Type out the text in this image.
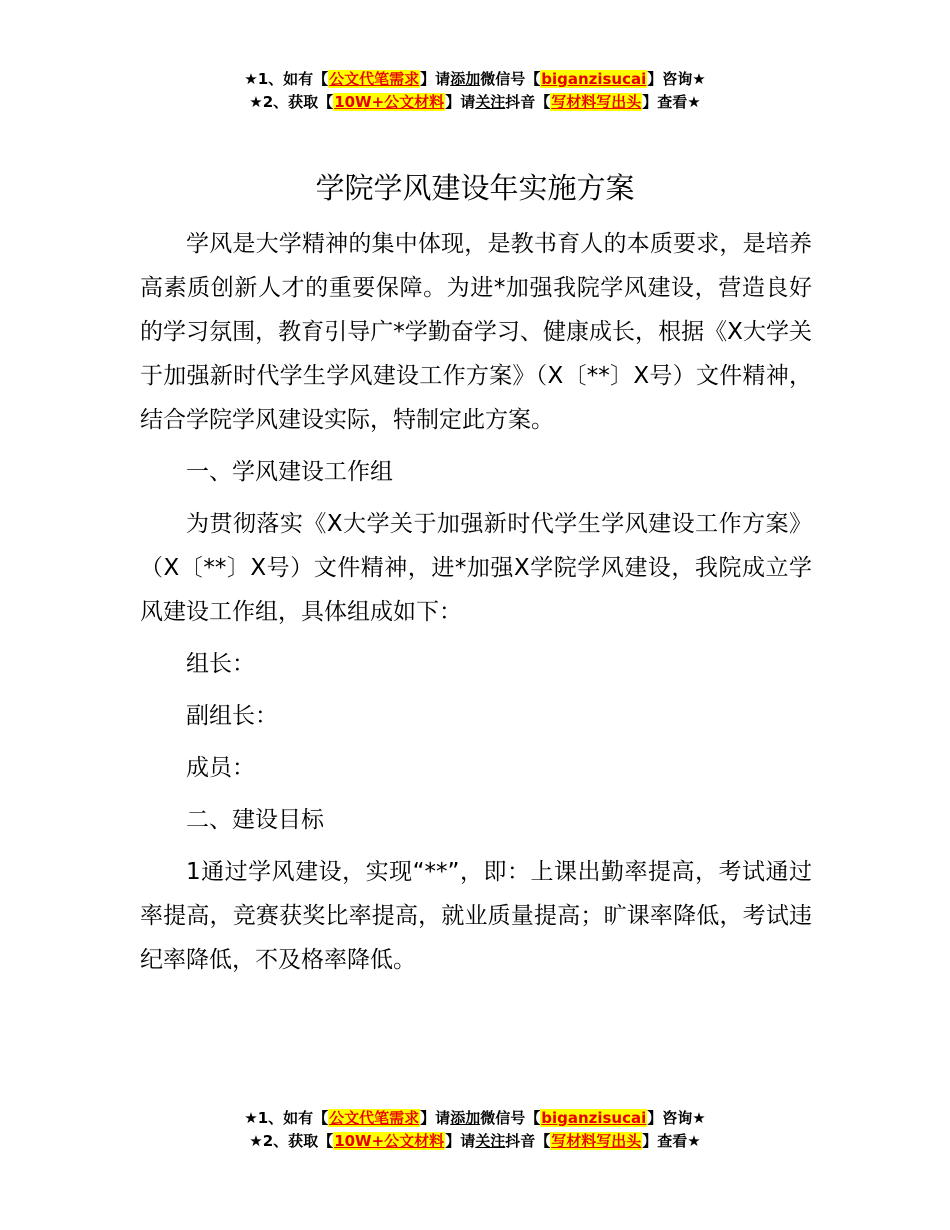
★1、如有【公文代笔需求】请添加微信号【biganzisucai】咨询★
★2、获取【10W+公文材料】请关注抖音【写材料写出头】查看★
学院学风建设年实施方案

学风是大学精神的集中体现，是教书育人的本质要求，是培养高素质创新人才的重要保障。为进*加强我院学风建设，营造良好的学习氛围，教育引导广*学勤奋学习、健康成长，根据《X大学关于加强新时代学生学风建设工作方案》（X〔**〕X号）文件精神，结合学院学风建设实际，特制定此方案。

一、学风建设工作组

为贯彻落实《X大学关于加强新时代学生学风建设工作方案》（X〔**〕X号）文件精神，进*加强X学院学风建设，我院成立学风建设工作组，具体组成如下：

组长：

副组长：

成员：

二、建设目标

1通过学风建设，实现“**”，即：上课出勤率提高，考试通过率提高，竞赛获奖比率提高，就业质量提高；旷课率降低，考试违纪率降低，不及格率降低。

★1、如有【公文代笔需求】请添加微信号【biganzisucai】咨询★
★2、获取【10W+公文材料】请关注抖音【写材料写出头】查看★
